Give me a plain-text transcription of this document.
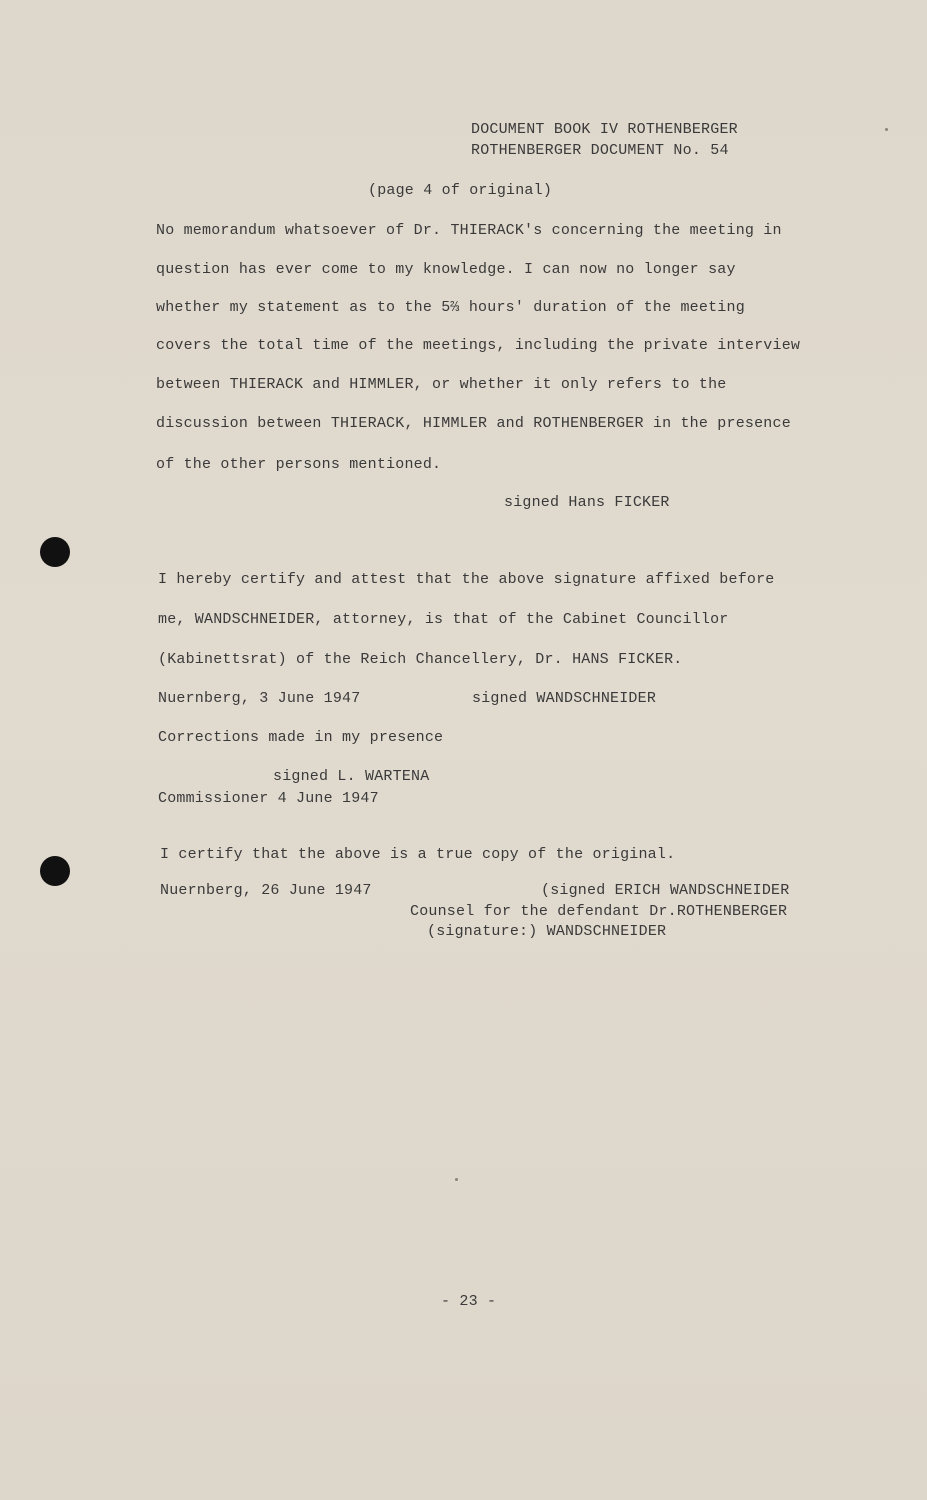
DOCUMENT BOOK IV ROTHENBERGER
ROTHENBERGER DOCUMENT No. 54
(page 4 of original)
No memorandum whatsoever of Dr. THIERACK's concerning the meeting in
question has ever come to my knowledge. I can now no longer say
whether my statement as to the 5⅔ hours' duration of the meeting
covers the total time of the meetings, including the private interview
between THIERACK and HIMMLER, or whether it only refers to the
discussion between THIERACK, HIMMLER and ROTHENBERGER in the presence
of the other persons mentioned.
signed Hans FICKER
I hereby certify and attest that the above signature affixed before
me, WANDSCHNEIDER, attorney, is that of the Cabinet Councillor
(Kabinettsrat) of the Reich Chancellery, Dr. HANS FICKER.
Nuernberg, 3 June 1947	signed WANDSCHNEIDER
Corrections made in my presence
signed L. WARTENA
Commissioner 4 June 1947
I certify that the above is a true copy of the original.
Nuernberg, 26 June 1947	(signed ERICH WANDSCHNEIDER
Counsel for the defendant Dr.ROTHENBERGER
(signature:) WANDSCHNEIDER
- 23 -
